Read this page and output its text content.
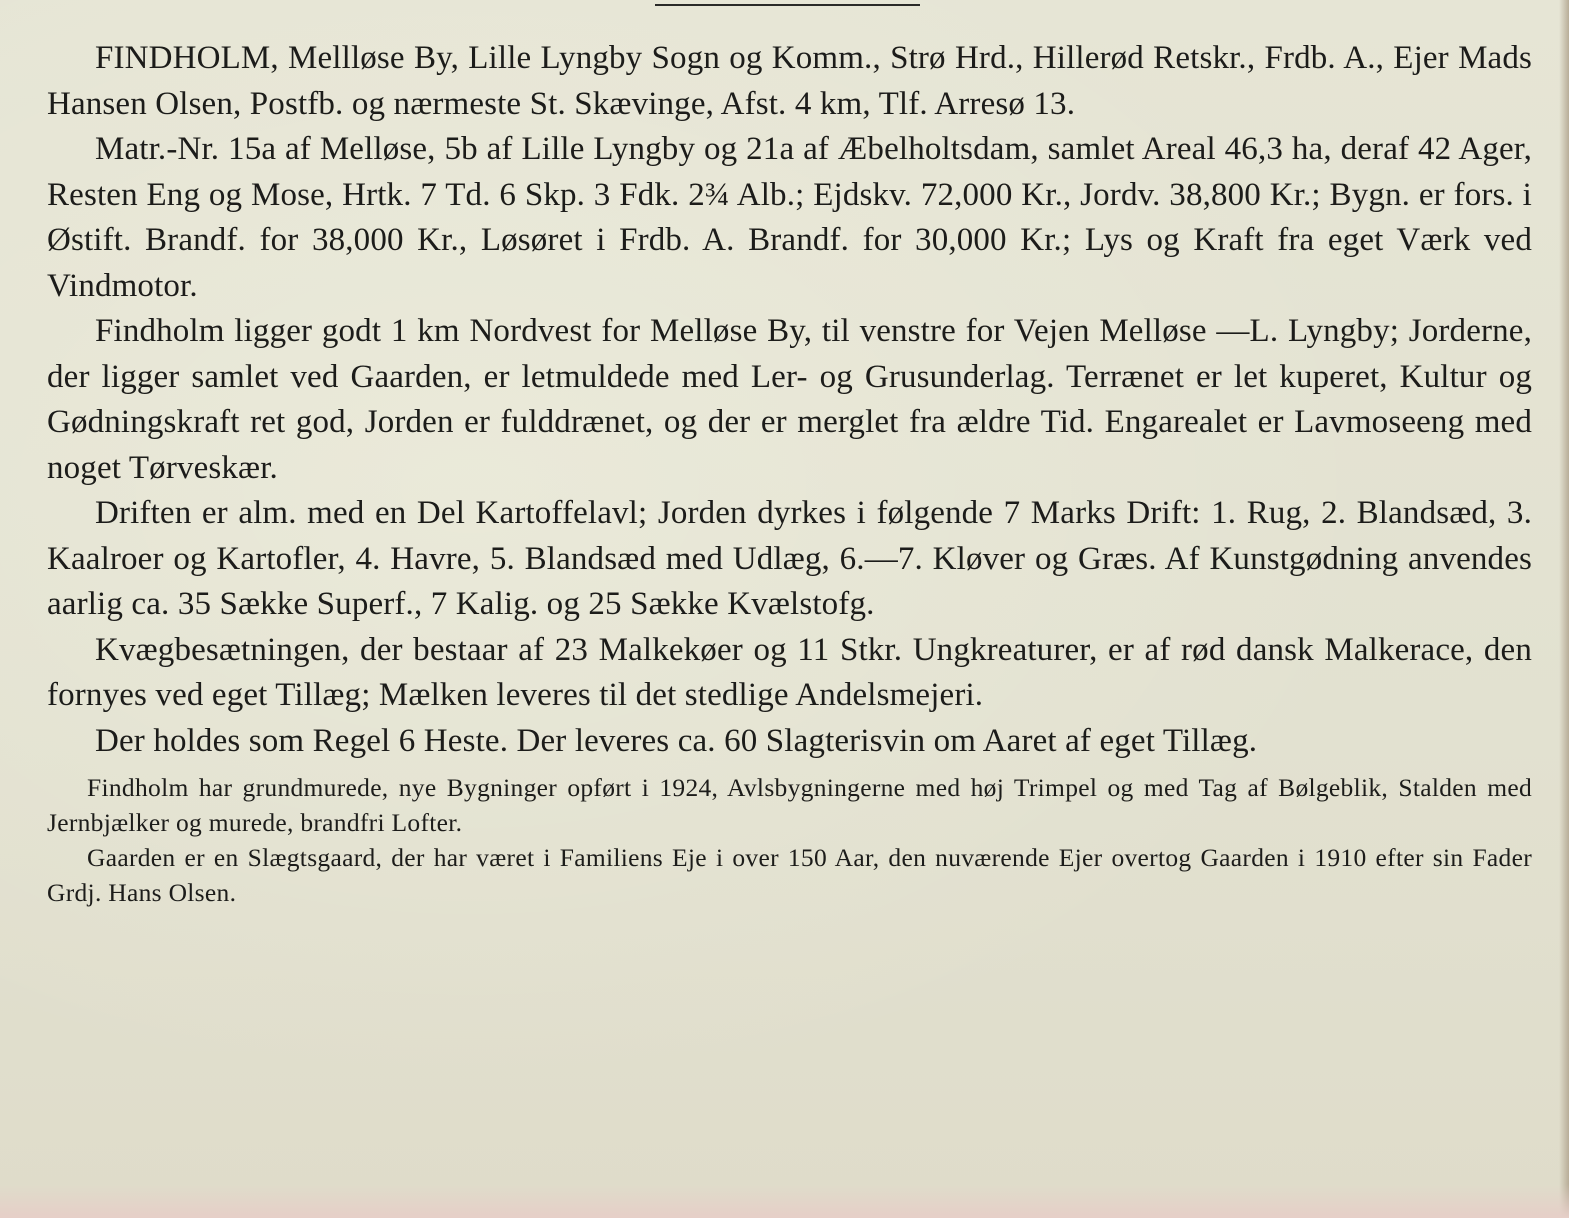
FINDHOLM, Mellløse By, Lille Lyngby Sogn og Komm., Strø Hrd., Hillerød Retskr., Frdb. A., Ejer Mads Hansen Olsen, Postfb. og nærmeste St. Skævinge, Afst. 4 km, Tlf. Arresø 13.

Matr.-Nr. 15a af Melløse, 5b af Lille Lyngby og 21a af Æbelholtsdam, samlet Areal 46,3 ha, deraf 42 Ager, Resten Eng og Mose, Hrtk. 7 Td. 6 Skp. 3 Fdk. 2¾ Alb.; Ejdskv. 72,000 Kr., Jordv. 38,800 Kr.; Bygn. er fors. i Østift. Brandf. for 38,000 Kr., Løsøret i Frdb. A. Brandf. for 30,000 Kr.; Lys og Kraft fra eget Værk ved Vindmotor.

Findholm ligger godt 1 km Nordvest for Melløse By, til venstre for Vejen Melløse —L. Lyngby; Jorderne, der ligger samlet ved Gaarden, er letmuldede med Ler- og Grusunderlag. Terrænet er let kuperet, Kultur og Gødningskraft ret god, Jorden er fulddrænet, og der er merglet fra ældre Tid. Engarealet er Lavmoseeng med noget Tørveskær.

Driften er alm. med en Del Kartoffelavl; Jorden dyrkes i følgende 7 Marks Drift: 1. Rug, 2. Blandsæd, 3. Kaalroer og Kartofler, 4. Havre, 5. Blandsæd med Udlæg, 6.—7. Kløver og Græs. Af Kunstgødning anvendes aarlig ca. 35 Sække Superf., 7 Kalig. og 25 Sække Kvælstofg.

Kvægbesætningen, der bestaar af 23 Malkekøer og 11 Stkr. Ungkreaturer, er af rød dansk Malkerace, den fornyes ved eget Tillæg; Mælken leveres til det stedlige Andelsmejeri.

Der holdes som Regel 6 Heste. Der leveres ca. 60 Slagterisvin om Aaret af eget Tillæg.

Findholm har grundmurede, nye Bygninger opført i 1924, Avlsbygningerne med høj Trimpel og med Tag af Bølgeblik, Stalden med Jernbjælker og murede, brandfri Lofter.

Gaarden er en Slægtsgaard, der har været i Familiens Eje i over 150 Aar, den nuværende Ejer overtog Gaarden i 1910 efter sin Fader Grdj. Hans Olsen.
